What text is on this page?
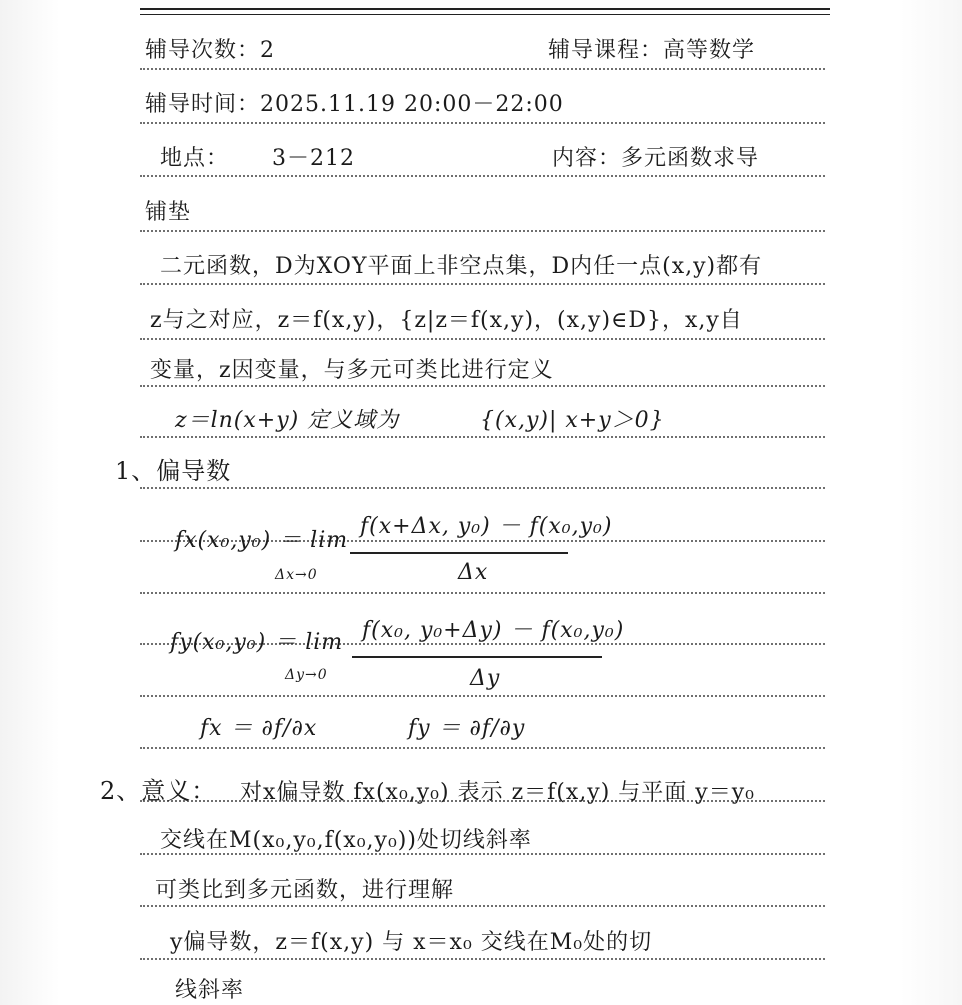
辅导次数：2	辅导课程：高等数学
辅导时间：2025.11.19 20:00－22:00
地点： 3－212	内容：多元函数求导
铺垫
二元函数，D为XOY平面上非空点集，D内任一点(x,y)都有
z与之对应，z＝f(x,y)，{z|z＝f(x,y)，(x,y)∈D}，x,y自
变量，z因变量，与多元可类比进行定义
z＝ln(x+y) 定义域为	{(x,y)| x+y＞0}
1、偏导数
fx(x₀,y₀) ＝ lim
Δx→0
f(x+Δx, y₀) － f(x₀,y₀)
Δx
fy(x₀,y₀) ＝ lim
Δy→0
f(x₀, y₀+Δy) － f(x₀,y₀)
Δy
fx ＝ ∂f/∂x	fy ＝ ∂f/∂y
2、意义： 对x偏导数 fx(x₀,y₀) 表示 z＝f(x,y) 与平面 y＝y₀
交线在M(x₀,y₀,f(x₀,y₀))处切线斜率
可类比到多元函数，进行理解
y偏导数，z＝f(x,y) 与 x＝x₀ 交线在M₀处的切
线斜率
